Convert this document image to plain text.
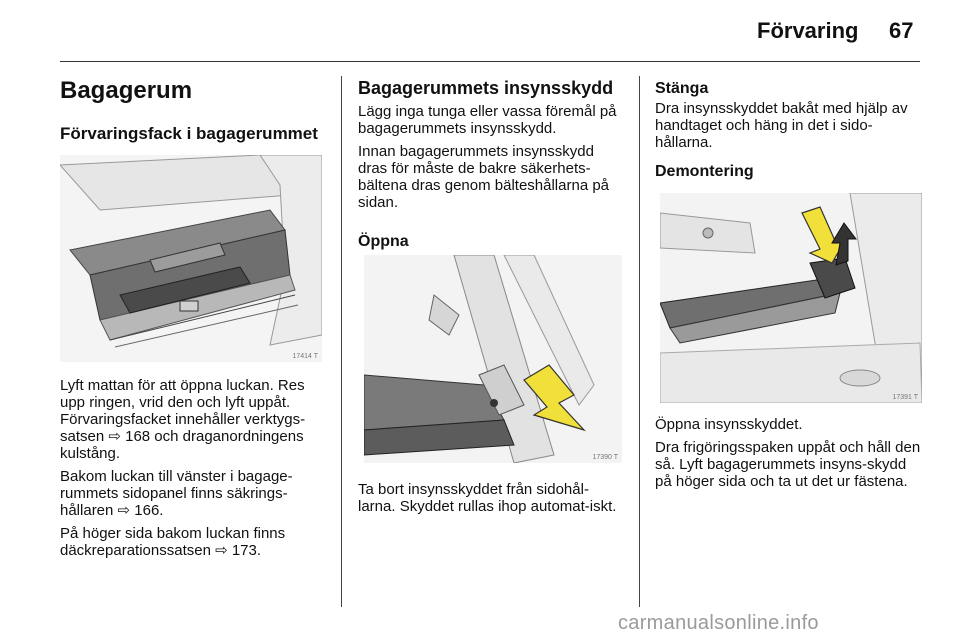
Förvaring 67
Bagagerum
Förvaringsfack i bagagerummet
17414 T

Lyft mattan för att öppna luckan. Res upp ringen, vrid den och lyft uppåt. Förvaringsfacket innehåller verktygs-satsen ⇨ 168 och draganordningens kulstång.

Bakom luckan till vänster i bagage-rummets sidopanel finns säkrings-hållaren ⇨ 166.

På höger sida bakom luckan finns däckreparationssatsen ⇨ 173.

Bagagerummets insynsskydd

Lägg inga tunga eller vassa föremål på bagagerummets insynsskydd.

Innan bagagerummets insynsskydd dras för måste de bakre säkerhets-bältena dras genom bälteshållarna på sidan.

Öppna
17390 T

Ta bort insynsskyddet från sidohål-larna. Skyddet rullas ihop automat-iskt.

Stänga

Dra insynsskyddet bakåt med hjälp av handtaget och häng in det i sido-hållarna.

Demontering
17391 T

Öppna insynsskyddet.

Dra frigöringsspaken uppåt och håll den så. Lyft bagagerummets insyns-skydd på höger sida och ta ut det ur fästena.

carmanualsonline.info
